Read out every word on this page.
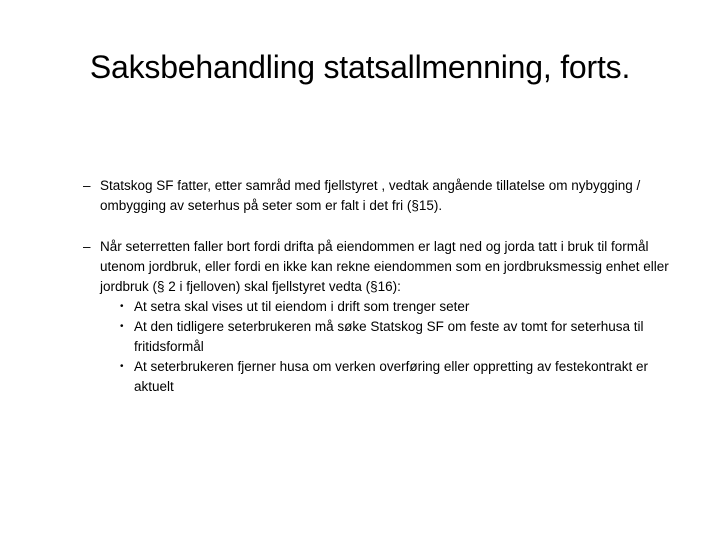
Saksbehandling statsallmenning, forts.
– Statskog SF fatter, etter samråd med fjellstyret , vedtak angående tillatelse om nybygging / ombygging av seterhus på seter som er falt i det fri (§15).
– Når seterretten faller bort fordi drifta på eiendommen er lagt ned og jorda tatt i bruk til formål utenom jordbruk, eller fordi en ikke kan rekne eiendommen som en jordbruksmessig enhet eller jordbruk (§ 2 i fjelloven) skal fjellstyret vedta (§16):
• At setra skal vises ut til eiendom i drift som trenger seter
• At den tidligere seterbrukeren må søke Statskog SF om feste av tomt for seterhusa til fritidsformål
• At seterbrukeren fjerner husa om verken overføring eller oppretting av festekontrakt er aktuelt
